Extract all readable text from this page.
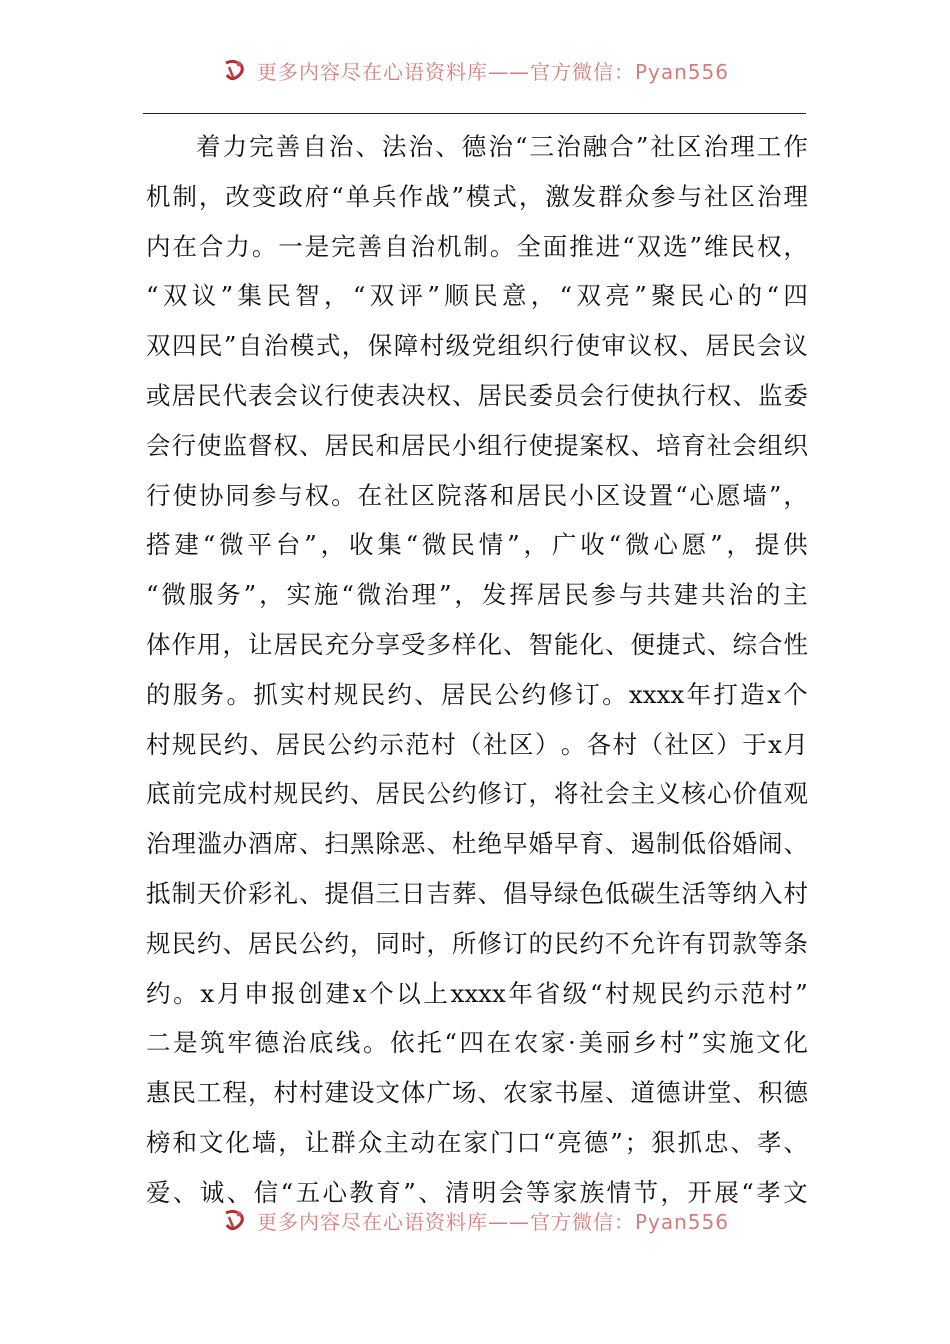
更多内容尽在心语资料库——官方微信：Pyan556
着 力 完 善 自 治 、 法 治 、 德 治 “ 三 治 融 合 ” 社 区 治 理 工 作
机 制 ， 改 变 政 府 “ 单 兵 作 战 ” 模 式 ， 激 发 群 众 参 与 社 区 治 理
内 在 合 力 。 一 是 完 善 自 治 机 制 。 全 面 推 进 “ 双 选 ” 维 民 权 ，
“ 双 议 ” 集 民 智 ， “ 双 评 ” 顺 民 意 ， “ 双 亮 ” 聚 民 心 的 “ 四
双 四 民 ” 自 治 模 式 ， 保 障 村 级 党 组 织 行 使 审 议 权 、 居 民 会 议
或 居 民 代 表 会 议 行 使 表 决 权 、 居 民 委 员 会 行 使 执 行 权 、 监 委
会 行 使 监 督 权 、 居 民 和 居 民 小 组 行 使 提 案 权 、 培 育 社 会 组 织
行 使 协 同 参 与 权 。 在 社 区 院 落 和 居 民 小 区 设 置 “ 心 愿 墙 ” ，
搭 建 “ 微 平 台 ” ， 收 集 “ 微 民 情 ” ， 广 收 “ 微 心 愿 ” ， 提 供
“ 微 服 务 ” ， 实 施 “ 微 治 理 ” ， 发 挥 居 民 参 与 共 建 共 治 的 主
体 作 用 ， 让 居 民 充 分 享 受 多 样 化 、 智 能 化 、 便 捷 式 、 综 合 性
的 服 务 。 抓 实 村 规 民 约 、 居 民 公 约 修 订 。 xxxx 年 打 造 x 个
村 规 民 约 、 居 民 公 约 示 范 村 （ 社 区 ） 。 各 村 （ 社 区 ） 于 x 月
底 前 完 成 村 规 民 约 、 居 民 公 约 修 订 ， 将 社 会 主 义 核 心 价 值 观
治 理 滥 办 酒 席 、 扫 黑 除 恶 、 杜 绝 早 婚 早 育 、 遏 制 低 俗 婚 闹 、
抵 制 天 价 彩 礼 、 提 倡 三 日 吉 葬 、 倡 导 绿 色 低 碳 生 活 等 纳 入 村
规 民 约 、 居 民 公 约 ， 同 时 ， 所 修 订 的 民 约 不 允 许 有 罚 款 等 条
约 。 x 月 申 报 创 建 x 个 以 上 xxxx 年 省 级 “ 村 规 民 约 示 范 村 ”
二 是 筑 牢 德 治 底 线 。 依 托 “ 四 在 农 家 · 美 丽 乡 村 ” 实 施 文 化
惠 民 工 程 ， 村 村 建 设 文 体 广 场 、 农 家 书 屋 、 道 德 讲 堂 、 积 德
榜 和 文 化 墙 ， 让 群 众 主 动 在 家 门 口 “ 亮 德 ” ； 狠 抓 忠 、 孝 、
爱 、 诚 、 信 “ 五 心 教 育 ” 、 清 明 会 等 家 族 情 节 ， 开 展 “ 孝 文
更多内容尽在心语资料库——官方微信：Pyan556
